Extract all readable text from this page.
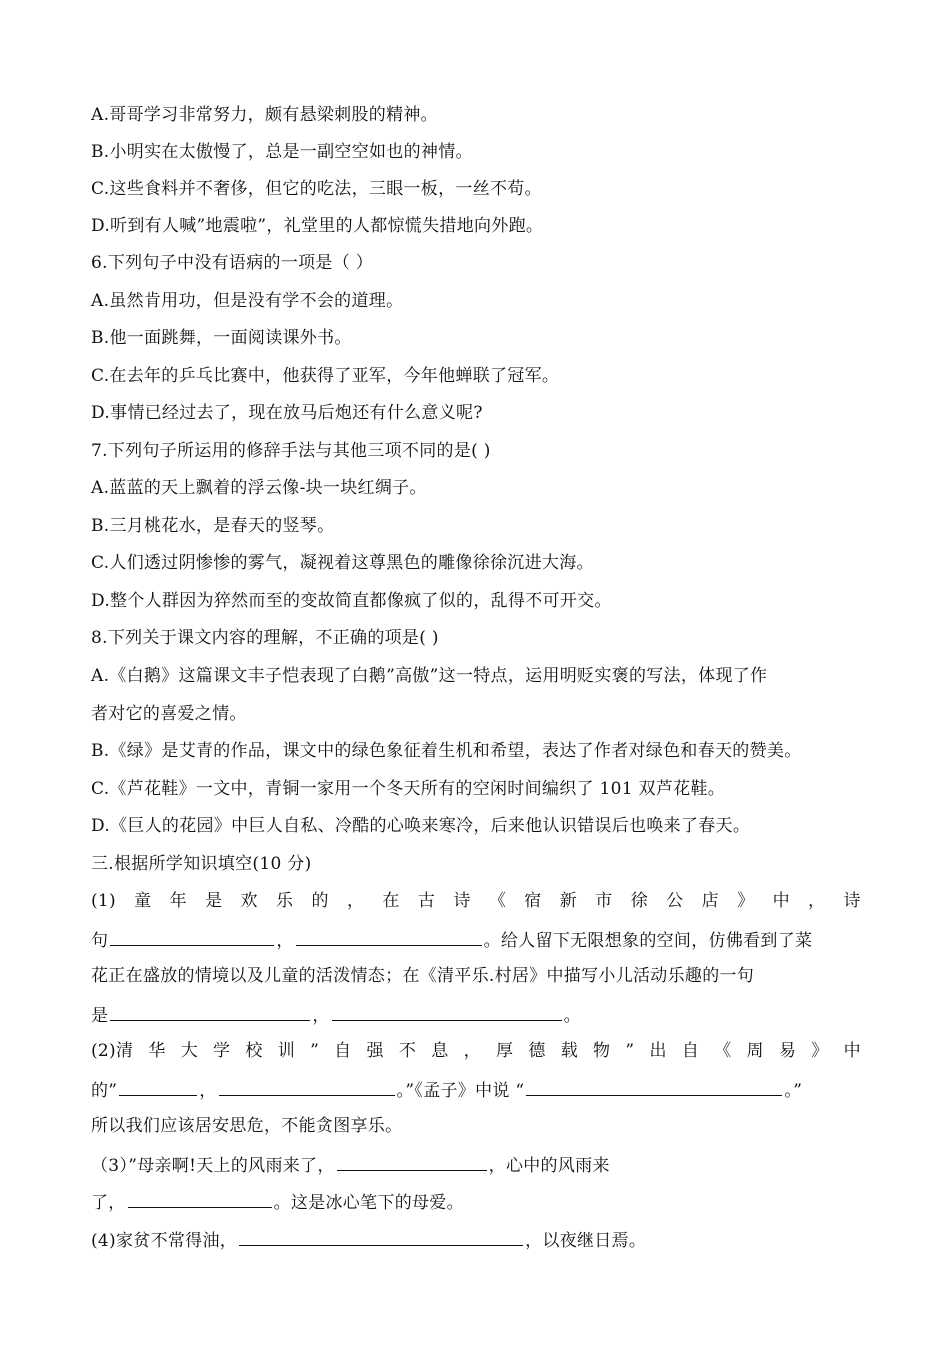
A.哥哥学习非常努力，颇有悬梁刺股的精神。
B.小明实在太傲慢了，总是一副空空如也的神情。
C.这些食料并不奢侈，但它的吃法，三眼一板，一丝不苟。
D.听到有人喊”地震啦”，礼堂里的人都惊慌失措地向外跑。
6.下列句子中没有语病的一项是（ ）
A.虽然肯用功，但是没有学不会的道理。
B.他一面跳舞，一面阅读课外书。
C.在去年的乒乓比赛中，他获得了亚军，今年他蝉联了冠军。
D.事情已经过去了，现在放马后炮还有什么意义呢?
7.下列句子所运用的修辞手法与其他三项不同的是( )
A.蓝蓝的天上飘着的浮云像-块一块红绸子。
B.三月桃花水，是春天的竖琴。
C.人们透过阴惨惨的雾气，凝视着这尊黑色的雕像徐徐沉进大海。
D.整个人群因为猝然而至的变故简直都像疯了似的，乱得不可开交。
8.下列关于课文内容的理解，不正确的项是( )
A.《白鹅》这篇课文丰子恺表现了白鹅”高傲”这一特点，运用明贬实褒的写法，体现了作
者对它的喜爱之情。
B.《绿》是艾青的作品，课文中的绿色象征着生机和希望，表达了作者对绿色和春天的赞美。
C.《芦花鞋》一文中，青铜一家用一个冬天所有的空闲时间编织了 101 双芦花鞋。
D.《巨人的花园》中巨人自私、冷酷的心唤来寒冷，后来他认识错误后也唤来了春天。
三.根据所学知识填空(10 分)
(1) 童 年 是 欢 乐 的 ， 在 古 诗 《 宿 新 市 徐 公 店 》 中 ， 诗
句	，	。给人留下无限想象的空间，仿佛看到了菜
花正在盛放的情境以及儿童的活泼情态；在《清平乐.村居》中描写小儿活动乐趣的一句
是	，	。
(2)清 华 大 学 校 训 ” 自 强 不 息 ， 厚 德 载 物 ” 出 自 《 周 易 》 中
的”	，	。”《孟子》中说 “	。”
所以我们应该居安思危，不能贪图享乐。
（3）”母亲啊!天上的风雨来了，	，心中的风雨来
了，	。这是冰心笔下的母爱。
(4)家贫不常得油，	，以夜继日焉。
